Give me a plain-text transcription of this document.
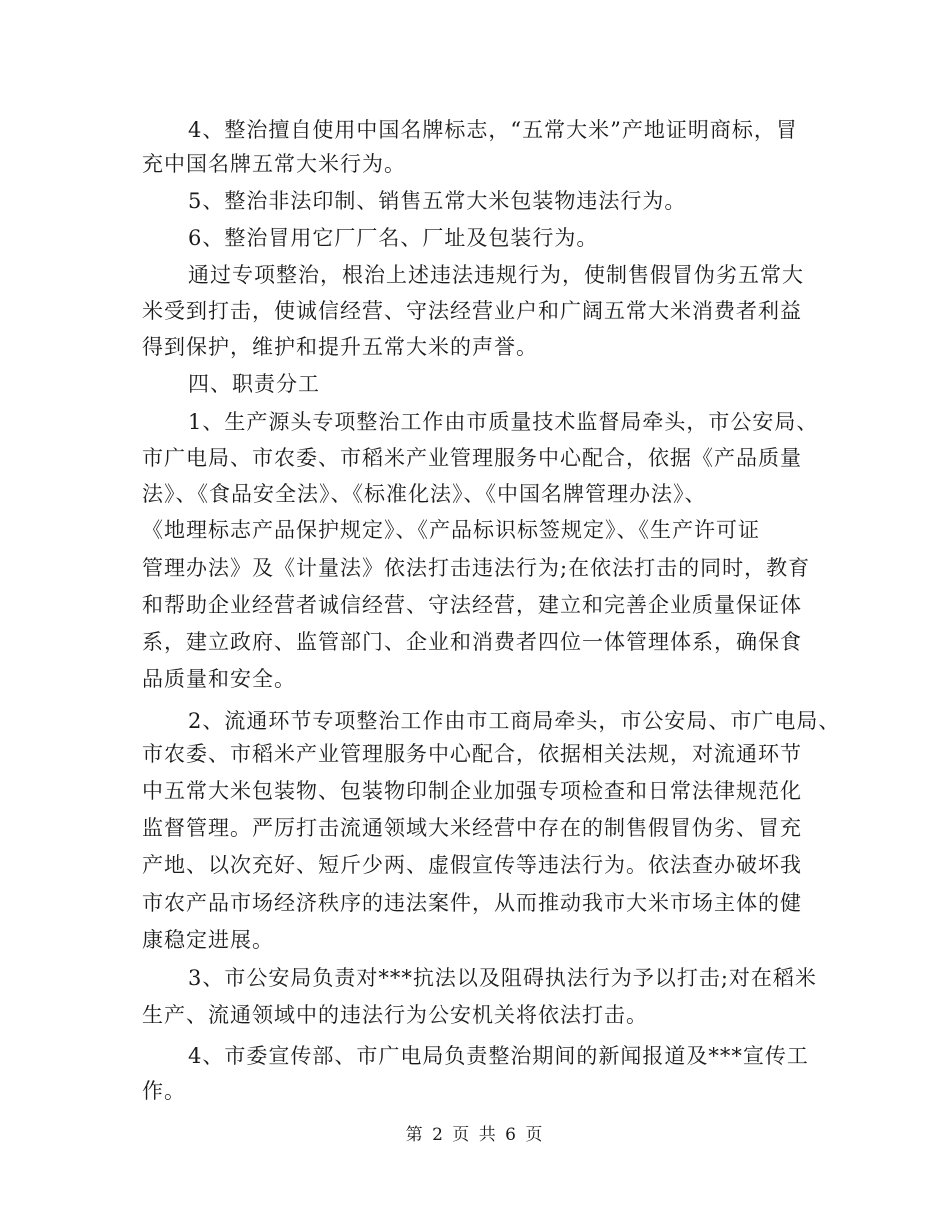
4、整治擅自使用中国名牌标志，“五常大米”产地证明商标，冒
充中国名牌五常大米行为。
5、整治非法印制、销售五常大米包装物违法行为。
6、整治冒用它厂厂名、厂址及包装行为。
通过专项整治，根治上述违法违规行为，使制售假冒伪劣五常大
米受到打击，使诚信经营、守法经营业户和广阔五常大米消费者利益
得到保护，维护和提升五常大米的声誉。
四、职责分工
1、生产源头专项整治工作由市质量技术监督局牵头，市公安局、
市广电局、市农委、市稻米产业管理服务中心配合，依据《产品质量
法》、《食品安全法》、《标准化法》、《中国名牌管理办法》、
《地理标志产品保护规定》、《产品标识标签规定》、《生产许可证
管理办法》及《计量法》依法打击违法行为;在依法打击的同时，教育
和帮助企业经营者诚信经营、守法经营，建立和完善企业质量保证体
系，建立政府、监管部门、企业和消费者四位一体管理体系，确保食
品质量和安全。
2、流通环节专项整治工作由市工商局牵头，市公安局、市广电局、
市农委、市稻米产业管理服务中心配合，依据相关法规，对流通环节
中五常大米包装物、包装物印制企业加强专项检查和日常法律规范化
监督管理。严厉打击流通领域大米经营中存在的制售假冒伪劣、冒充
产地、以次充好、短斤少两、虚假宣传等违法行为。依法查办破坏我
市农产品市场经济秩序的违法案件，从而推动我市大米市场主体的健
康稳定进展。
3、市公安局负责对***抗法以及阻碍执法行为予以打击;对在稻米
生产、流通领域中的违法行为公安机关将依法打击。
4、市委宣传部、市广电局负责整治期间的新闻报道及***宣传工
作。
第 2 页 共 6 页
